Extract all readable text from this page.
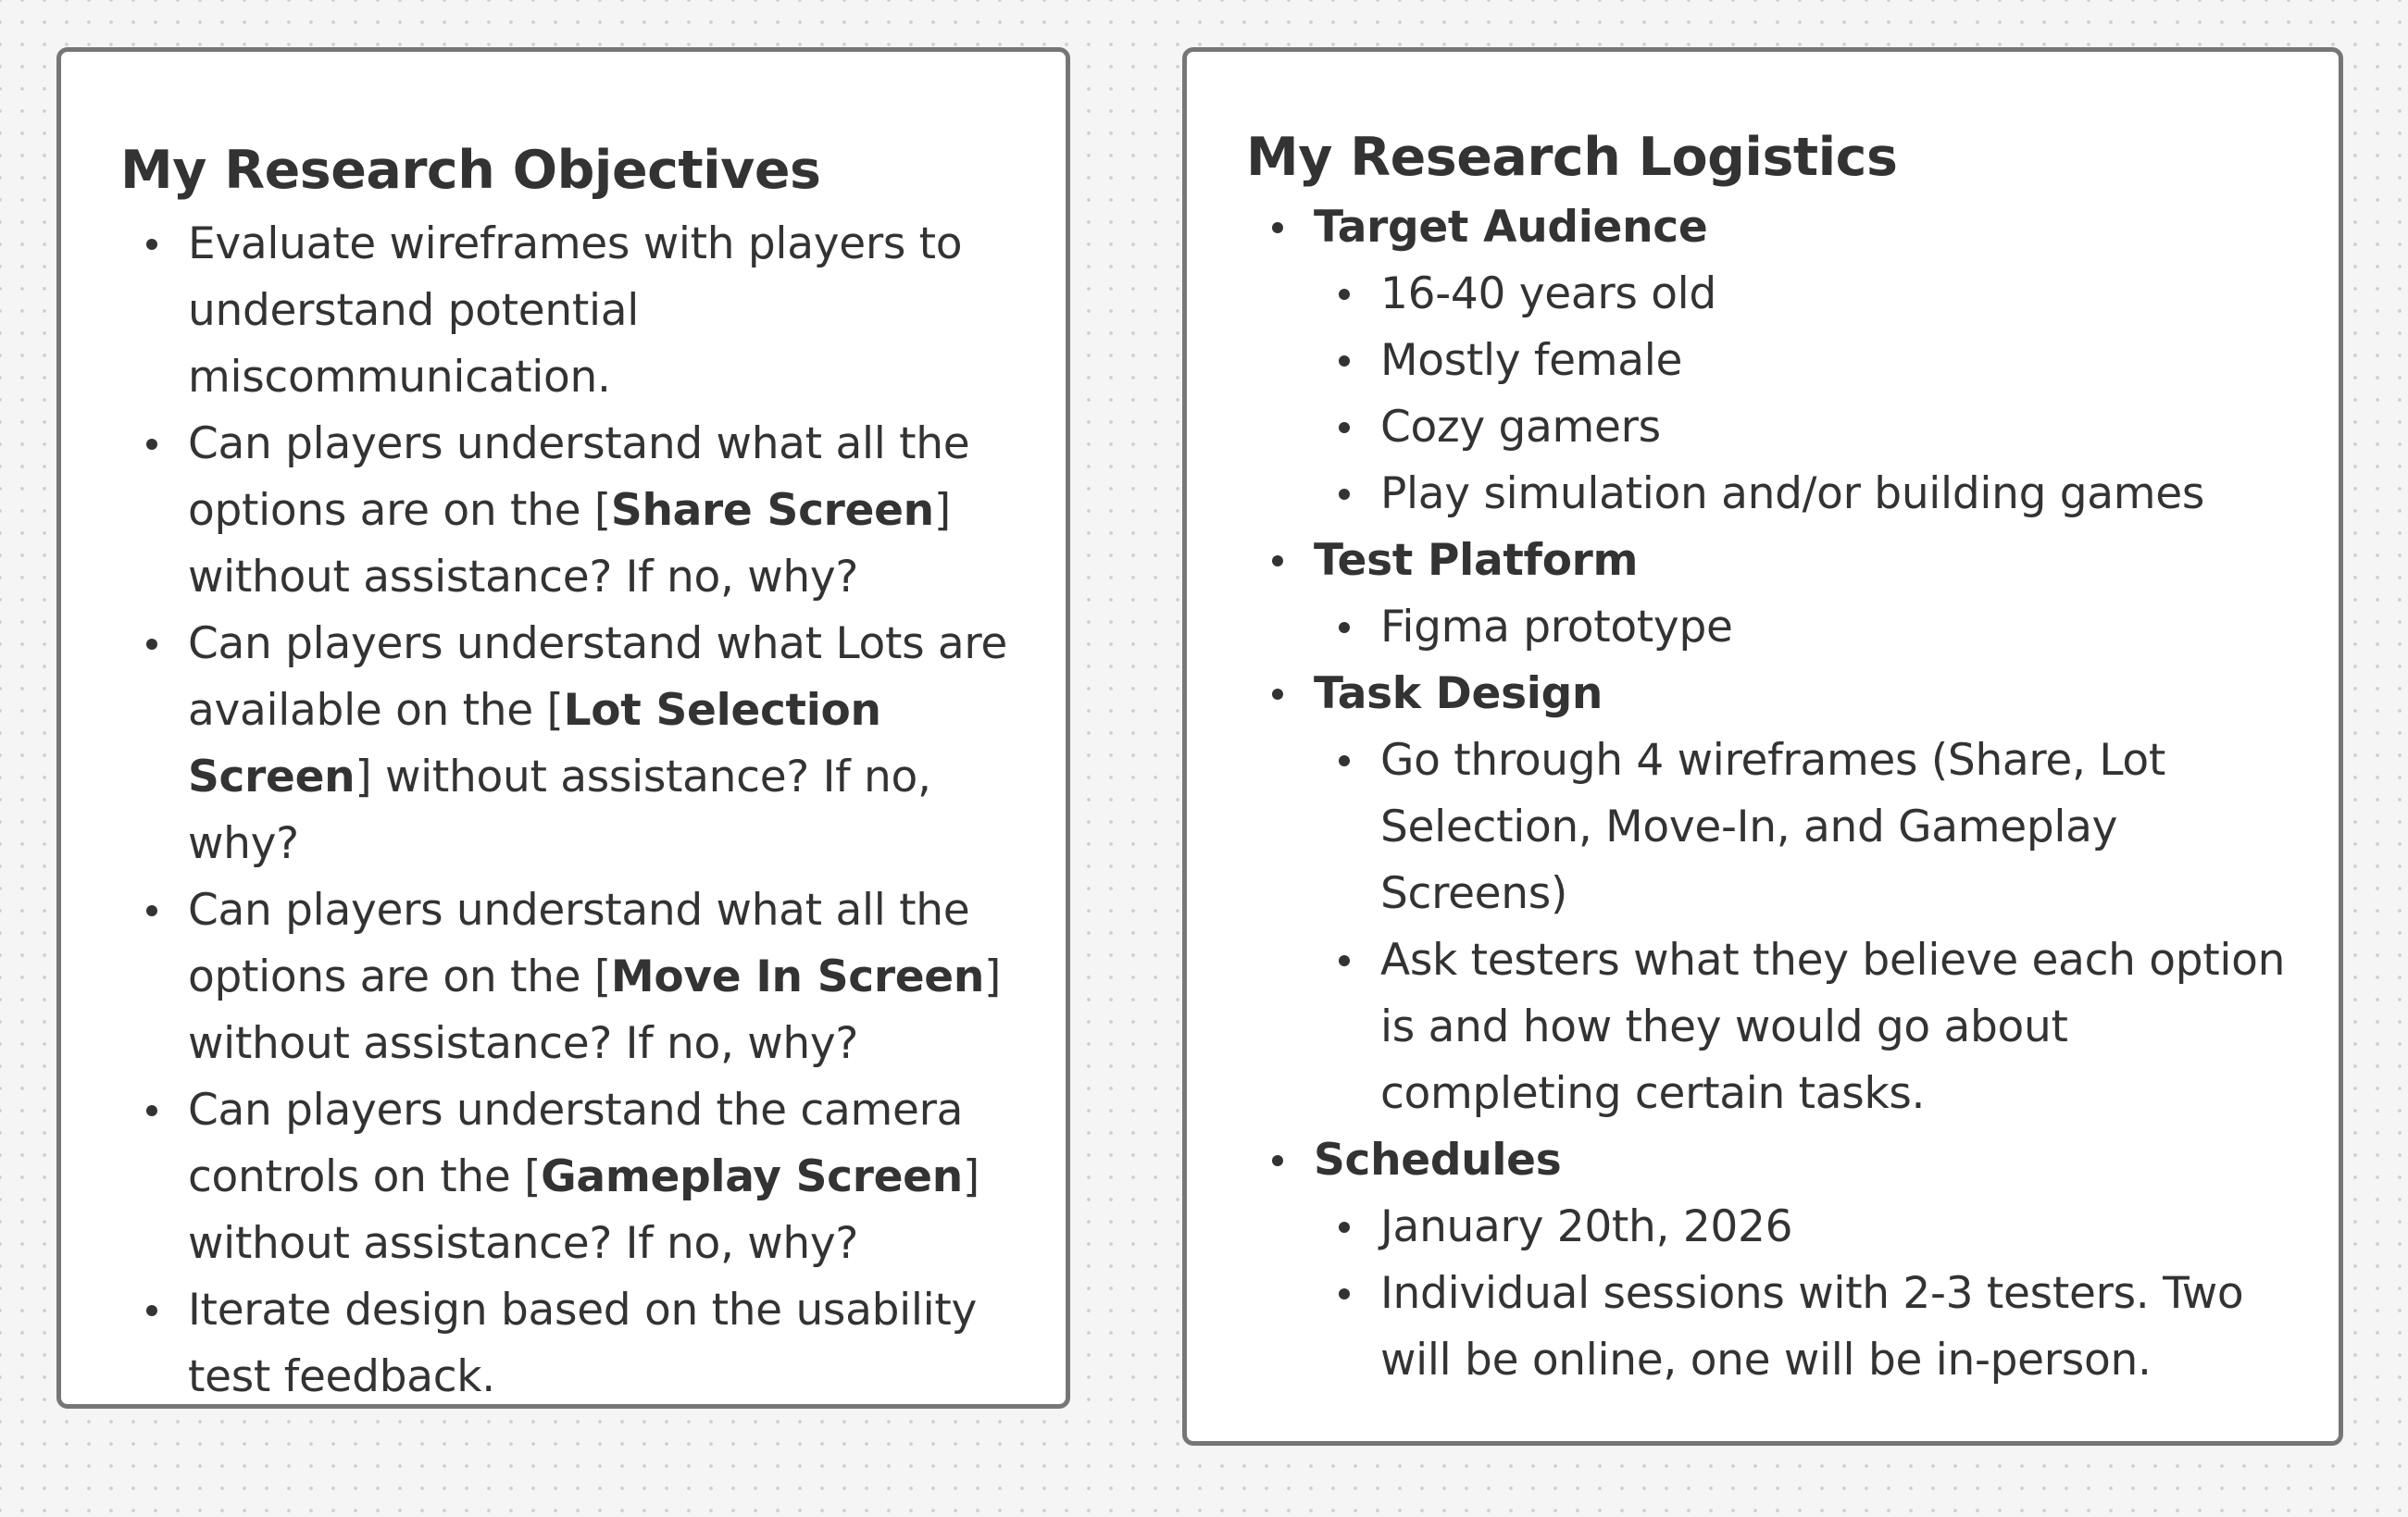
My Research Objectives
Evaluate wireframes with players to understand potential miscommunication.
Can players understand what all the options are on the [Share Screen] without assistance? If no, why?
Can players understand what Lots are available on the [Lot Selection Screen] without assistance? If no, why?
Can players understand what all the options are on the [Move In Screen] without assistance? If no, why?
Can players understand the camera controls on the [Gameplay Screen] without assistance? If no, why?
Iterate design based on the usability test feedback.
My Research Logistics
Target Audience
16-40 years old
Mostly female
Cozy gamers
Play simulation and/or building games
Test Platform
Figma prototype
Task Design
Go through 4 wireframes (Share, Lot Selection, Move-In, and Gameplay Screens)
Ask testers what they believe each option is and how they would go about completing certain tasks.
Schedules
January 20th, 2026
Individual sessions with 2-3 testers. Two will be online, one will be in-person.
